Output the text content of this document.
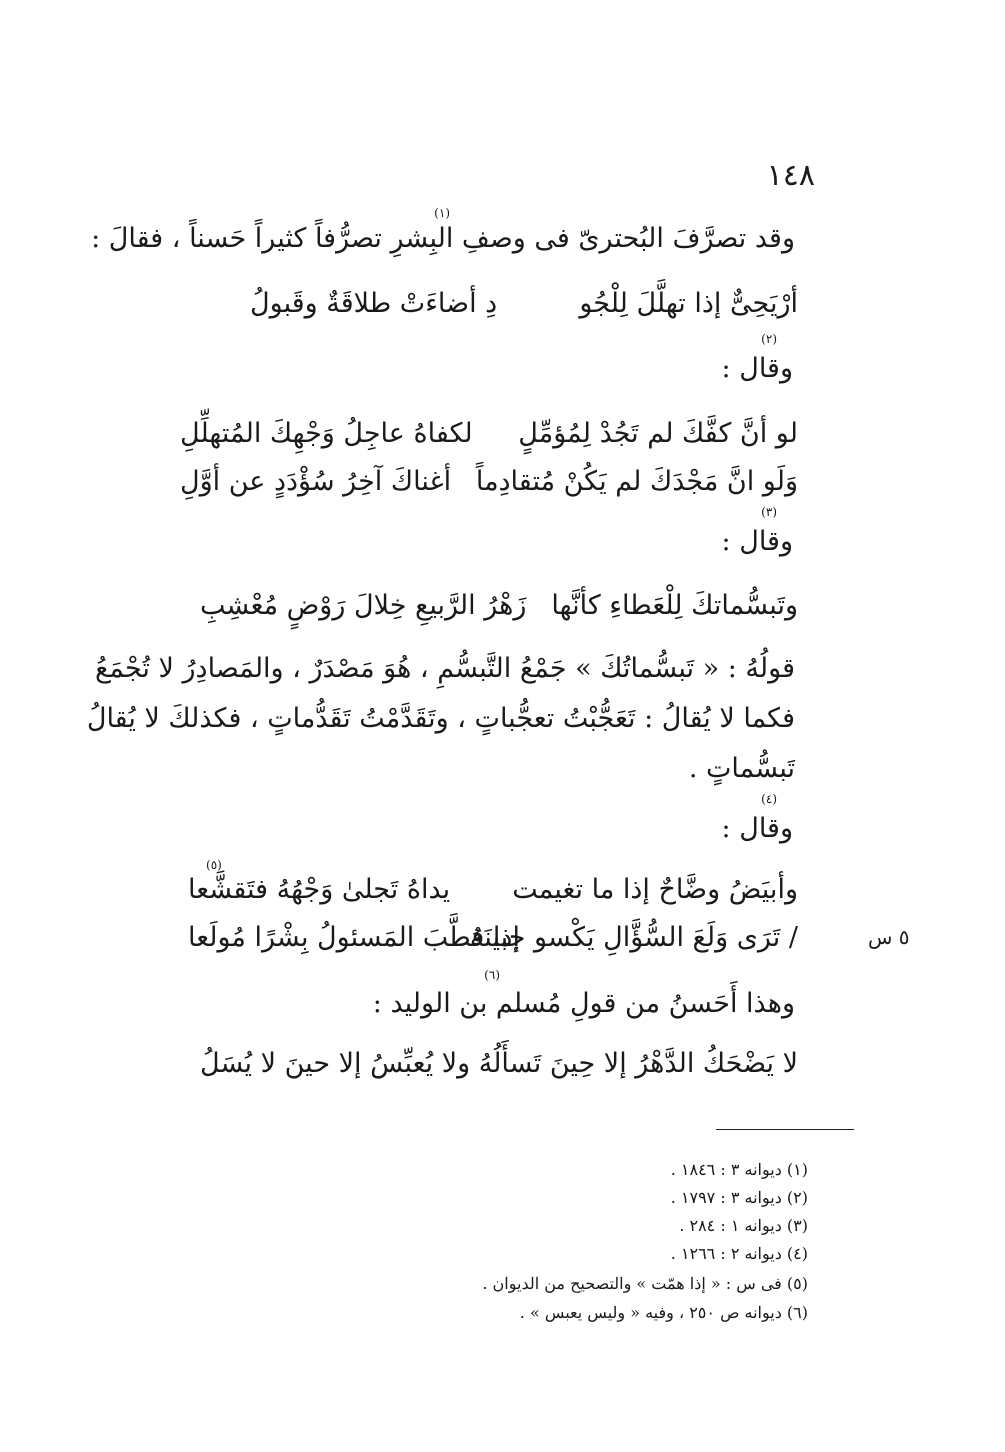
١٤٨
وقد تصرَّفَ البُحترىّ فى وصفِ البِشرِ تصرُّفاً كثيراً حَسناً ، فقالَ :
(١)
أرْيَحِىٌّ إذا تهلَّلَ لِلْجُو
دِ أضاءَتْ طلاقَةٌ وقَبولُ
(٢)
وقال :
لو أنَّ كفَّكَ لم تَجُدْ لِمُؤمِّلٍ
لكفاهُ عاجِلُ وَجْهِكَ المُتهلِّلِ
وَلَو انَّ مَجْدَكَ لم يَكُنْ مُتقادِماً
أغناكَ آخِرُ سُؤْدَدٍ عن أوَّلِ
(٣)
وقال :
وتَبسُّماتكَ لِلْعَطاءِ كأنَّها
زَهْرُ الرَّبيعِ خِلالَ رَوْضٍ مُعْشِبِ
قولُهُ : « تَبسُّماتُكَ » جَمْعُ التَّبسُّمِ ، هُوَ مَصْدَرٌ ، والمَصادِرُ لا تُجْمَعُ
فكما لا يُقالُ : تَعَجُّبْتُ تعجُّباتٍ ، وتَقَدَّمْتُ تَقَدُّماتٍ ، فكذلكَ لا يُقالُ
تَبسُّماتٍ .
(٤)
وقال :
(٥)
وأبيَضُ وضَّاحٌ إذا ما تغيمت
يداهُ تَجلىٰ وَجْهُهُ فتَقشَّعا
/ تَرَى وَلَعَ السُّؤَّالِ يَكْسو جبينَهُ
إذا قطَّبَ المَسئولُ بِشْرًا مُولَعا	٥ س
(٦)
وهذا أَحَسنُ من قولِ مُسلم بن الوليد :
لا يَضْحَكُ الدَّهْرُ إلا حِينَ تَسأَلُهُ
ولا يُعبِّسُ إلا حينَ لا يُسَلُ
(١) ديوانه ٣ : ١٨٤٦ .
(٢) ديوانه ٣ : ١٧٩٧ .
(٣) ديوانه ١ : ٢٨٤ .
(٤) ديوانه ٢ : ١٢٦٦ .
(٥) فى س : « إذا همّت » والتصحيح من الديوان .
(٦) ديوانه ص ٢٥٠ ، وفيه « وليس يعبس » .
